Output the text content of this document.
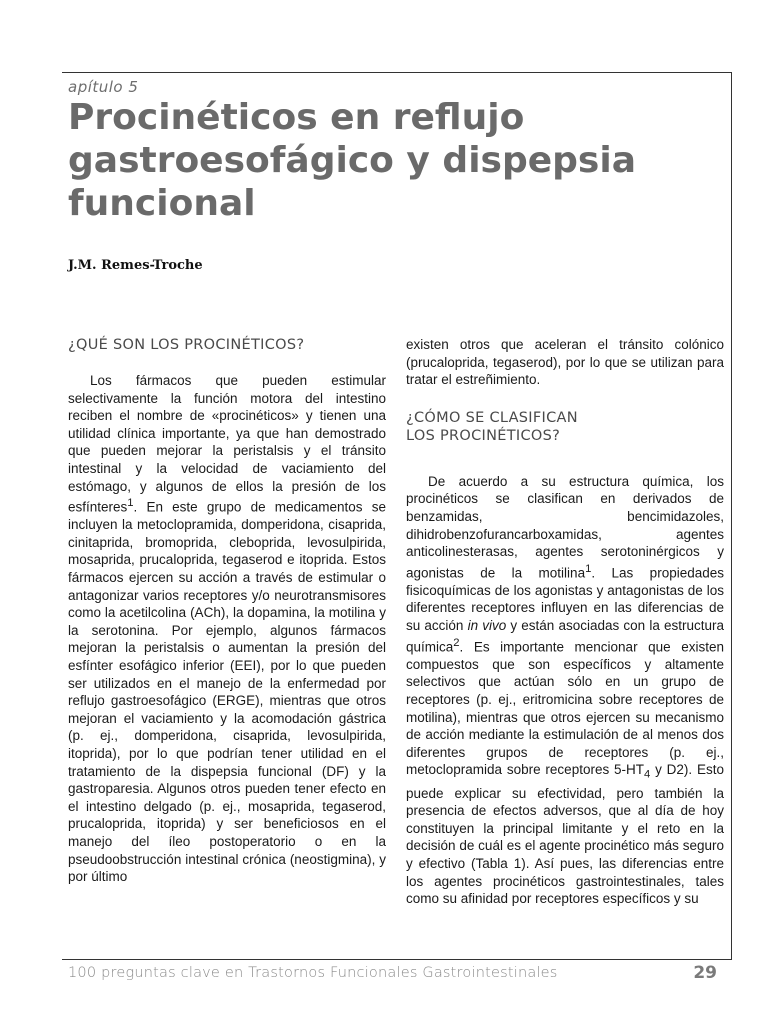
apítulo 5
Procinéticos en reflujo
gastroesofágico y dispepsia
funcional
J.M. Remes-Troche
¿QUÉ SON LOS PROCINÉTICOS?

Los fármacos que pueden estimular selectivamente la función motora del intestino reciben el nombre de «procinéticos» y tienen una utilidad clínica importante, ya que han demostrado que pueden mejorar la peristalsis y el tránsito intestinal y la velocidad de vaciamiento del estómago, y algunos de ellos la presión de los esfínteres$^1$. En este grupo de medicamentos se incluyen la metoclopramida, domperidona, cisaprida, cinitaprida, bromoprida, cleboprida, levosulpirida, mosaprida, prucaloprida, tegaserod e itoprida. Estos fármacos ejercen su acción a través de estimular o antagonizar varios receptores y/o neurotransmisores como la acetilcolina (ACh), la dopamina, la motilina y la serotonina. Por ejemplo, algunos fármacos mejoran la peristalsis o aumentan la presión del esfínter esofágico inferior (EEI), por lo que pueden ser utilizados en el manejo de la enfermedad por reflujo gastroesofágico (ERGE), mientras que otros mejoran el vaciamiento y la acomodación gástrica (p. ej., domperidona, cisaprida, levosulpirida, itoprida), por lo que podrían tener utilidad en el tratamiento de la dispepsia funcional (DF) y la gastroparesia. Algunos otros pueden tener efecto en el intestino delgado (p. ej., mosaprida, tegaserod, prucaloprida, itoprida) y ser beneficiosos en el manejo del íleo postoperatorio o en la pseudoobstrucción intestinal crónica (neostigmina), y por último

existen otros que aceleran el tránsito colónico (prucaloprida, tegaserod), por lo que se utilizan para tratar el estreñimiento.

¿CÓMO SE CLASIFICAN
LOS PROCINÉTICOS?

De acuerdo a su estructura química, los procinéticos se clasifican en derivados de benzamidas, bencimidazoles, dihidrobenzofurancarboxamidas, agentes anticolinesterasas, agentes serotoninérgicos y agonistas de la motilina$^1$. Las propiedades fisicoquímicas de los agonistas y antagonistas de los diferentes receptores influyen en las diferencias de su acción in vivo y están asociadas con la estructura química$^2$. Es importante mencionar que existen compuestos que son específicos y altamente selectivos que actúan sólo en un grupo de receptores (p. ej., eritromicina sobre receptores de motilina), mientras que otros ejercen su mecanismo de acción mediante la estimulación de al menos dos diferentes grupos de receptores (p. ej., metoclopramida sobre receptores $5-HT_4$ y D2). Esto puede explicar su efectividad, pero también la presencia de efectos adversos, que al día de hoy constituyen la principal limitante y el reto en la decisión de cuál es el agente procinético más seguro y efectivo (Tabla 1). Así pues, las diferencias entre los agentes procinéticos gastrointestinales, tales como su afinidad por receptores específicos y su

100 preguntas clave en Trastornos Funcionales Gastrointestinales	29
